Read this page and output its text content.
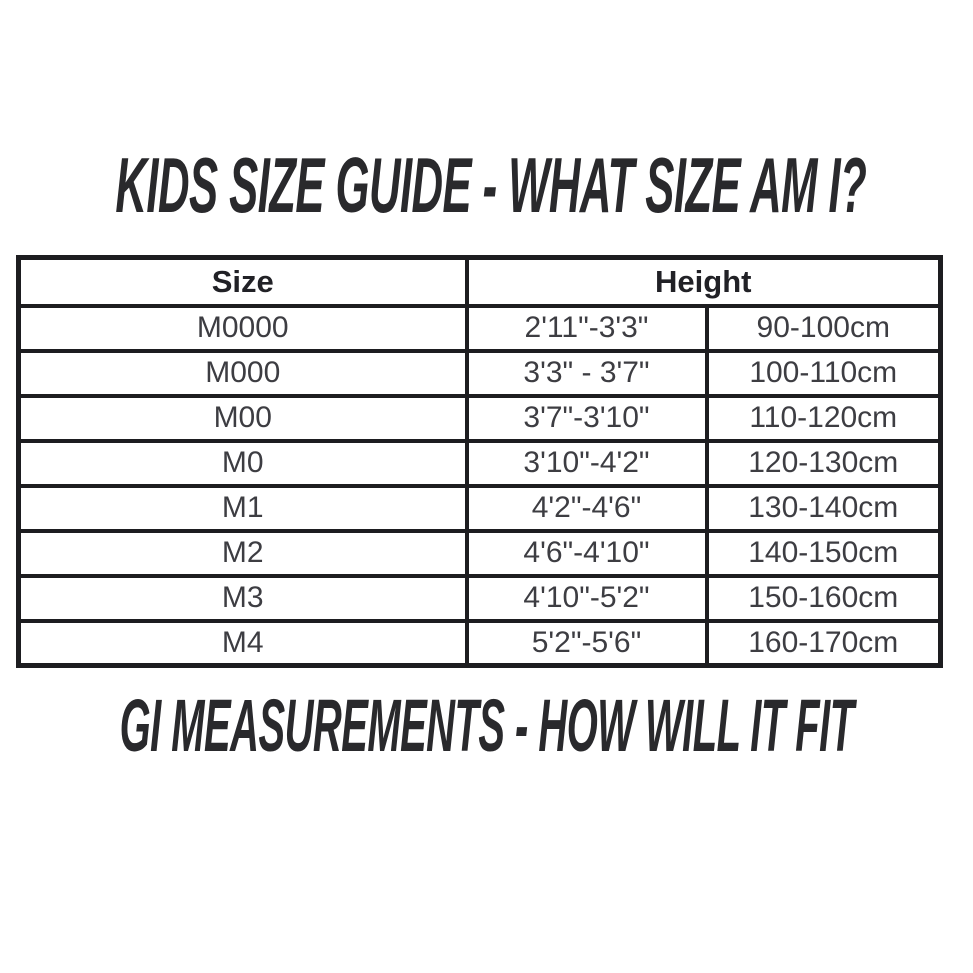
KIDS SIZE GUIDE - WHAT SIZE AM I?
Size	Height	
M0000	2'11"-3'3"	90-100cm
M000	3'3" - 3'7"	100-110cm
M00	3'7"-3'10"	110-120cm
M0	3'10"-4'2"	120-130cm
M1	4'2"-4'6"	130-140cm
M2	4'6"-4'10"	140-150cm
M3	4'10"-5'2"	150-160cm
M4	5'2"-5'6"	160-170cm
GI MEASUREMENTS - HOW WILL IT FIT
